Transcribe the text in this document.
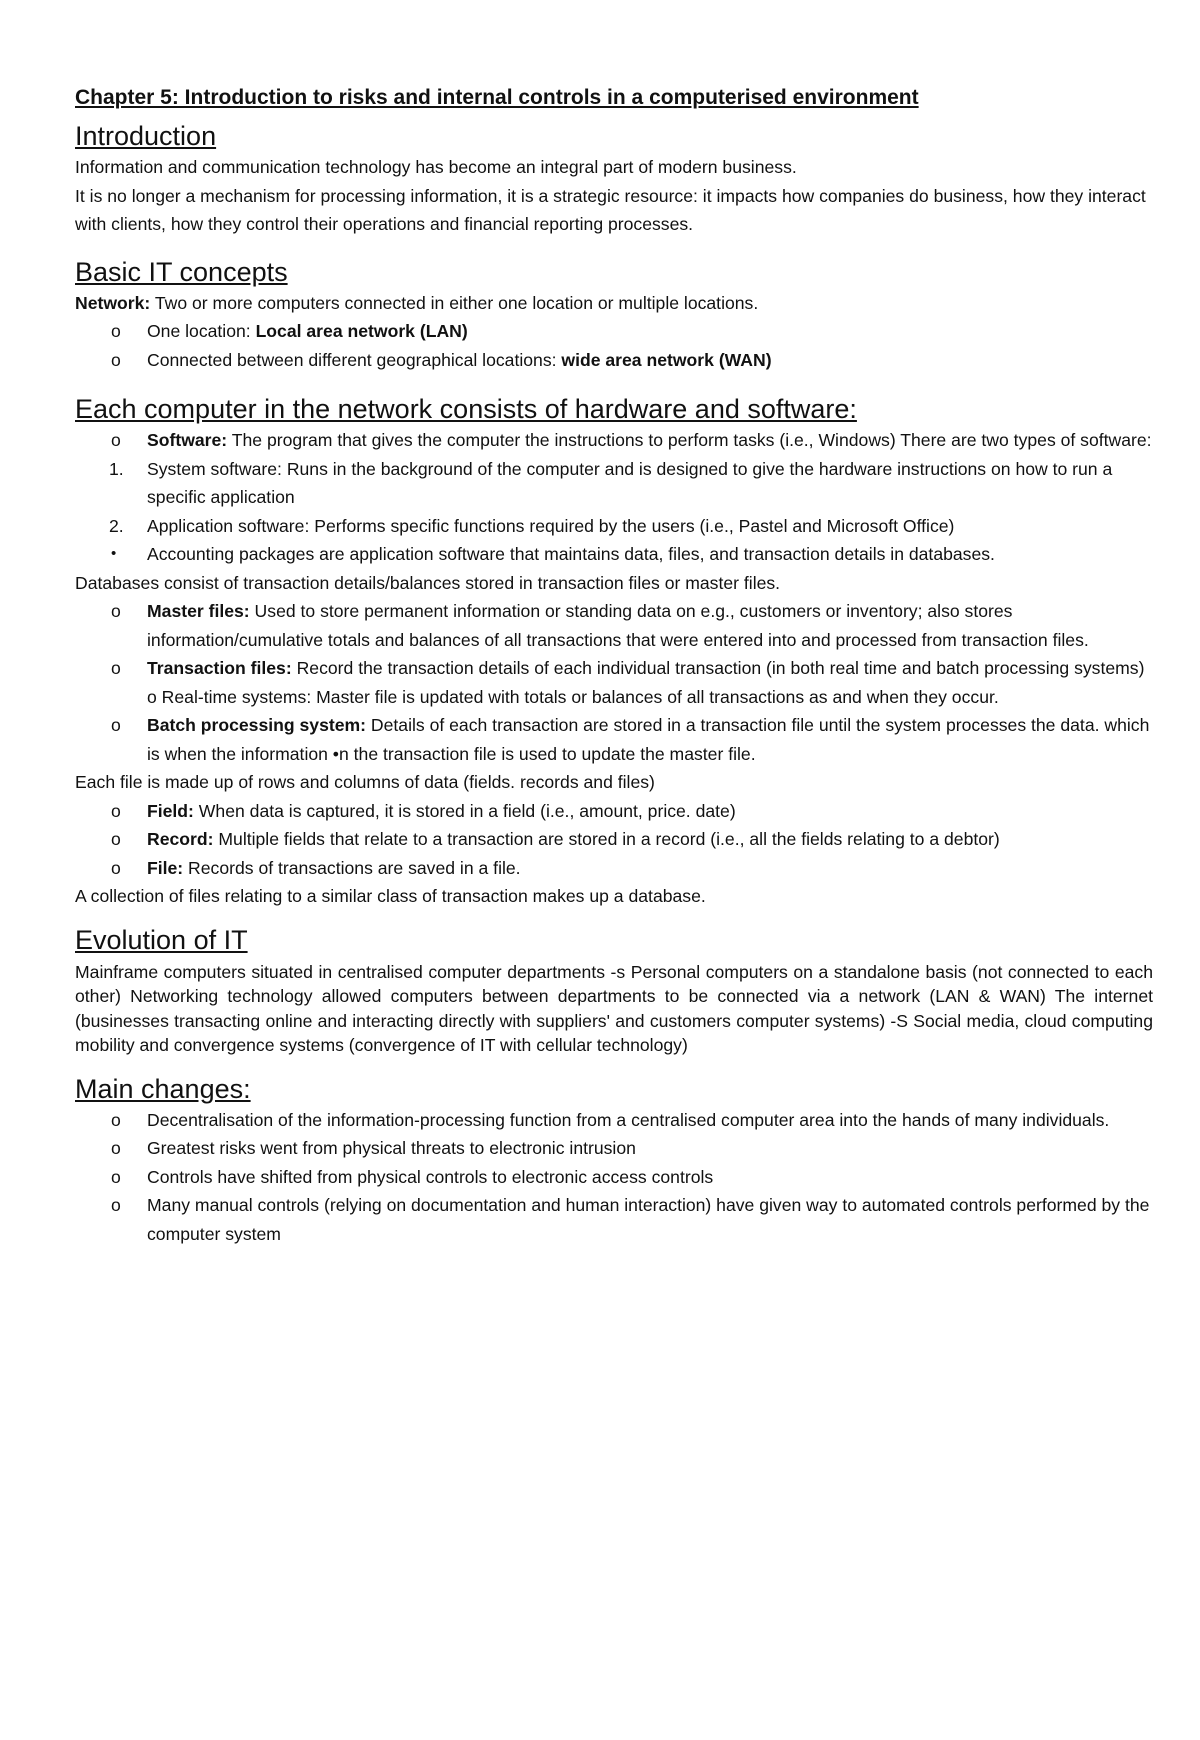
Chapter 5: Introduction to risks and internal controls in a computerised environment
Introduction

Information and communication technology has become an integral part of modern business.

It is no longer a mechanism for processing information, it is a strategic resource: it impacts how companies do business, how they interact with clients, how they control their operations and financial reporting processes.

Basic IT concepts

Network: Two or more computers connected in either one location or multiple locations.

o One location: Local area network (LAN)
o Connected between different geographical locations: wide area network (WAN)
Each computer in the network consists of hardware and software:
o Software: The program that gives the computer the instructions to perform tasks (i.e., Windows) There are two types of software:
1. System software: Runs in the background of the computer and is designed to give the hardware instructions on how to run a specific application
2. Application software: Performs specific functions required by the users (i.e., Pastel and Microsoft Office)
• Accounting packages are application software that maintains data, files, and transaction details in databases.

Databases consist of transaction details/balances stored in transaction files or master files.

o Master files: Used to store permanent information or standing data on e.g., customers or inventory; also stores information/cumulative totals and balances of all transactions that were entered into and processed from transaction files.
o Transaction files: Record the transaction details of each individual transaction (in both real time and batch processing systems) o Real-time systems: Master file is updated with totals or balances of all transactions as and when they occur.
o Batch processing system: Details of each transaction are stored in a transaction file until the system processes the data. which is when the information •n the transaction file is used to update the master file.

Each file is made up of rows and columns of data (fields. records and files)

o Field: When data is captured, it is stored in a field (i.e., amount, price. date)
o Record: Multiple fields that relate to a transaction are stored in a record (i.e., all the fields relating to a debtor)
o File: Records of transactions are saved in a file.

A collection of files relating to a similar class of transaction makes up a database.

Evolution of IT

Mainframe computers situated in centralised computer departments -s Personal computers on a standalone basis (not connected to each other) Networking technology allowed computers between departments to be connected via a network (LAN & WAN) The internet (businesses transacting online and interacting directly with suppliers' and customers computer systems) -S Social media, cloud computing mobility and convergence systems (convergence of IT with cellular technology)

Main changes:
o Decentralisation of the information-processing function from a centralised computer area into the hands of many individuals.
o Greatest risks went from physical threats to electronic intrusion
o Controls have shifted from physical controls to electronic access controls
o Many manual controls (relying on documentation and human interaction) have given way to automated controls performed by the computer system
